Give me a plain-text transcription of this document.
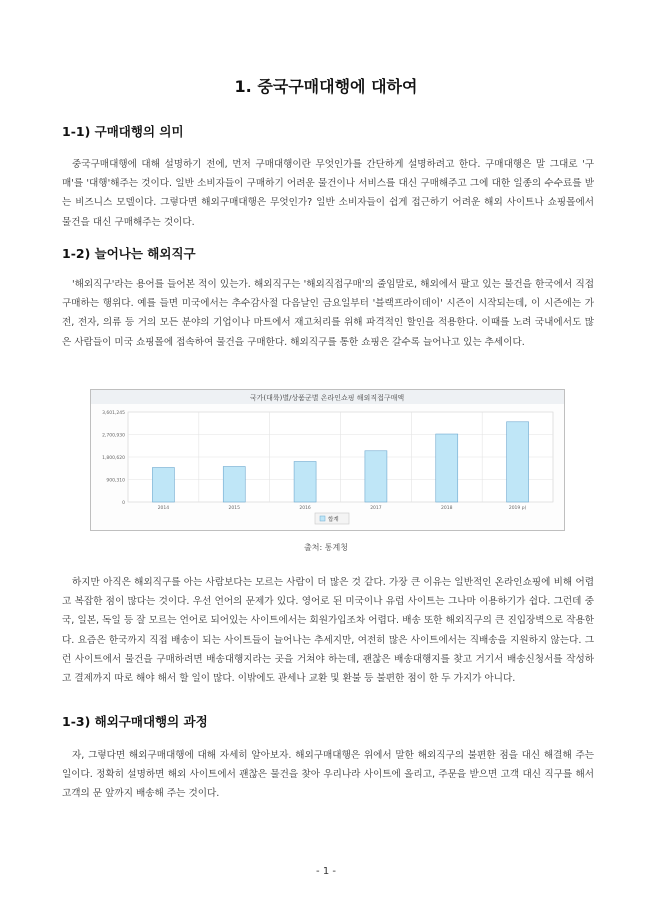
1. 중국구매대행에 대하여
1-1) 구매대행의 의미

중국구매대행에 대해 설명하기 전에, 먼저 구매대행이란 무엇인가를 간단하게 설명하려고 한다. 구매대행은 말 그대로 '구매'를 '대행'해주는 것이다. 일반 소비자들이 구매하기 어려운 물건이나 서비스를 대신 구매해주고 그에 대한 일종의 수수료를 받는 비즈니스 모델이다. 그렇다면 해외구매대행은 무엇인가? 일반 소비자들이 쉽게 접근하기 어려운 해외 사이트나 쇼핑몰에서 물건을 대신 구매해주는 것이다.

1-2) 늘어나는 해외직구

'해외직구'라는 용어를 들어본 적이 있는가. 해외직구는 '해외직접구매'의 줄임말로, 해외에서 팔고 있는 물건을 한국에서 직접 구매하는 행위다. 예를 들면 미국에서는 추수감사절 다음날인 금요일부터 '블랙프라이데이' 시즌이 시작되는데, 이 시즌에는 가전, 전자, 의류 등 거의 모든 분야의 기업이나 마트에서 재고처리를 위해 파격적인 할인을 적용한다. 이때를 노려 국내에서도 많은 사람들이 미국 쇼핑몰에 접속하여 물건을 구매한다. 해외직구를 통한 쇼핑은 갈수록 늘어나고 있는 추세이다.

국가(대륙)별/상품군별 온라인쇼핑 해외직접구매액
0
900,310
1,800,620
2,700,930
3,601,245
2014	2015	2016	2017	2018	2019 p)
합계
출처: 통계청

하지만 아직은 해외직구를 아는 사람보다는 모르는 사람이 더 많은 것 같다. 가장 큰 이유는 일반적인 온라인쇼핑에 비해 어렵고 복잡한 점이 많다는 것이다. 우선 언어의 문제가 있다. 영어로 된 미국이나 유럽 사이트는 그나마 이용하기가 쉽다. 그런데 중국, 일본, 독일 등 잘 모르는 언어로 되어있는 사이트에서는 회원가입조차 어렵다. 배송 또한 해외직구의 큰 진입장벽으로 작용한다. 요즘은 한국까지 직접 배송이 되는 사이트들이 늘어나는 추세지만, 여전히 많은 사이트에서는 직배송을 지원하지 않는다. 그런 사이트에서 물건을 구매하려면 배송대행지라는 곳을 거쳐야 하는데, 괜찮은 배송대행지를 찾고 거기서 배송신청서를 작성하고 결제까지 따로 해야 해서 할 일이 많다. 이밖에도 관세나 교환 및 환불 등 불편한 점이 한 두 가지가 아니다.

1-3) 해외구매대행의 과정

자, 그렇다면 해외구매대행에 대해 자세히 알아보자. 해외구매대행은 위에서 말한 해외직구의 불편한 점을 대신 해결해 주는 일이다. 정확히 설명하면 해외 사이트에서 괜찮은 물건을 찾아 우리나라 사이트에 올리고, 주문을 받으면 고객 대신 직구를 해서 고객의 문 앞까지 배송해 주는 것이다.

- 1 -
